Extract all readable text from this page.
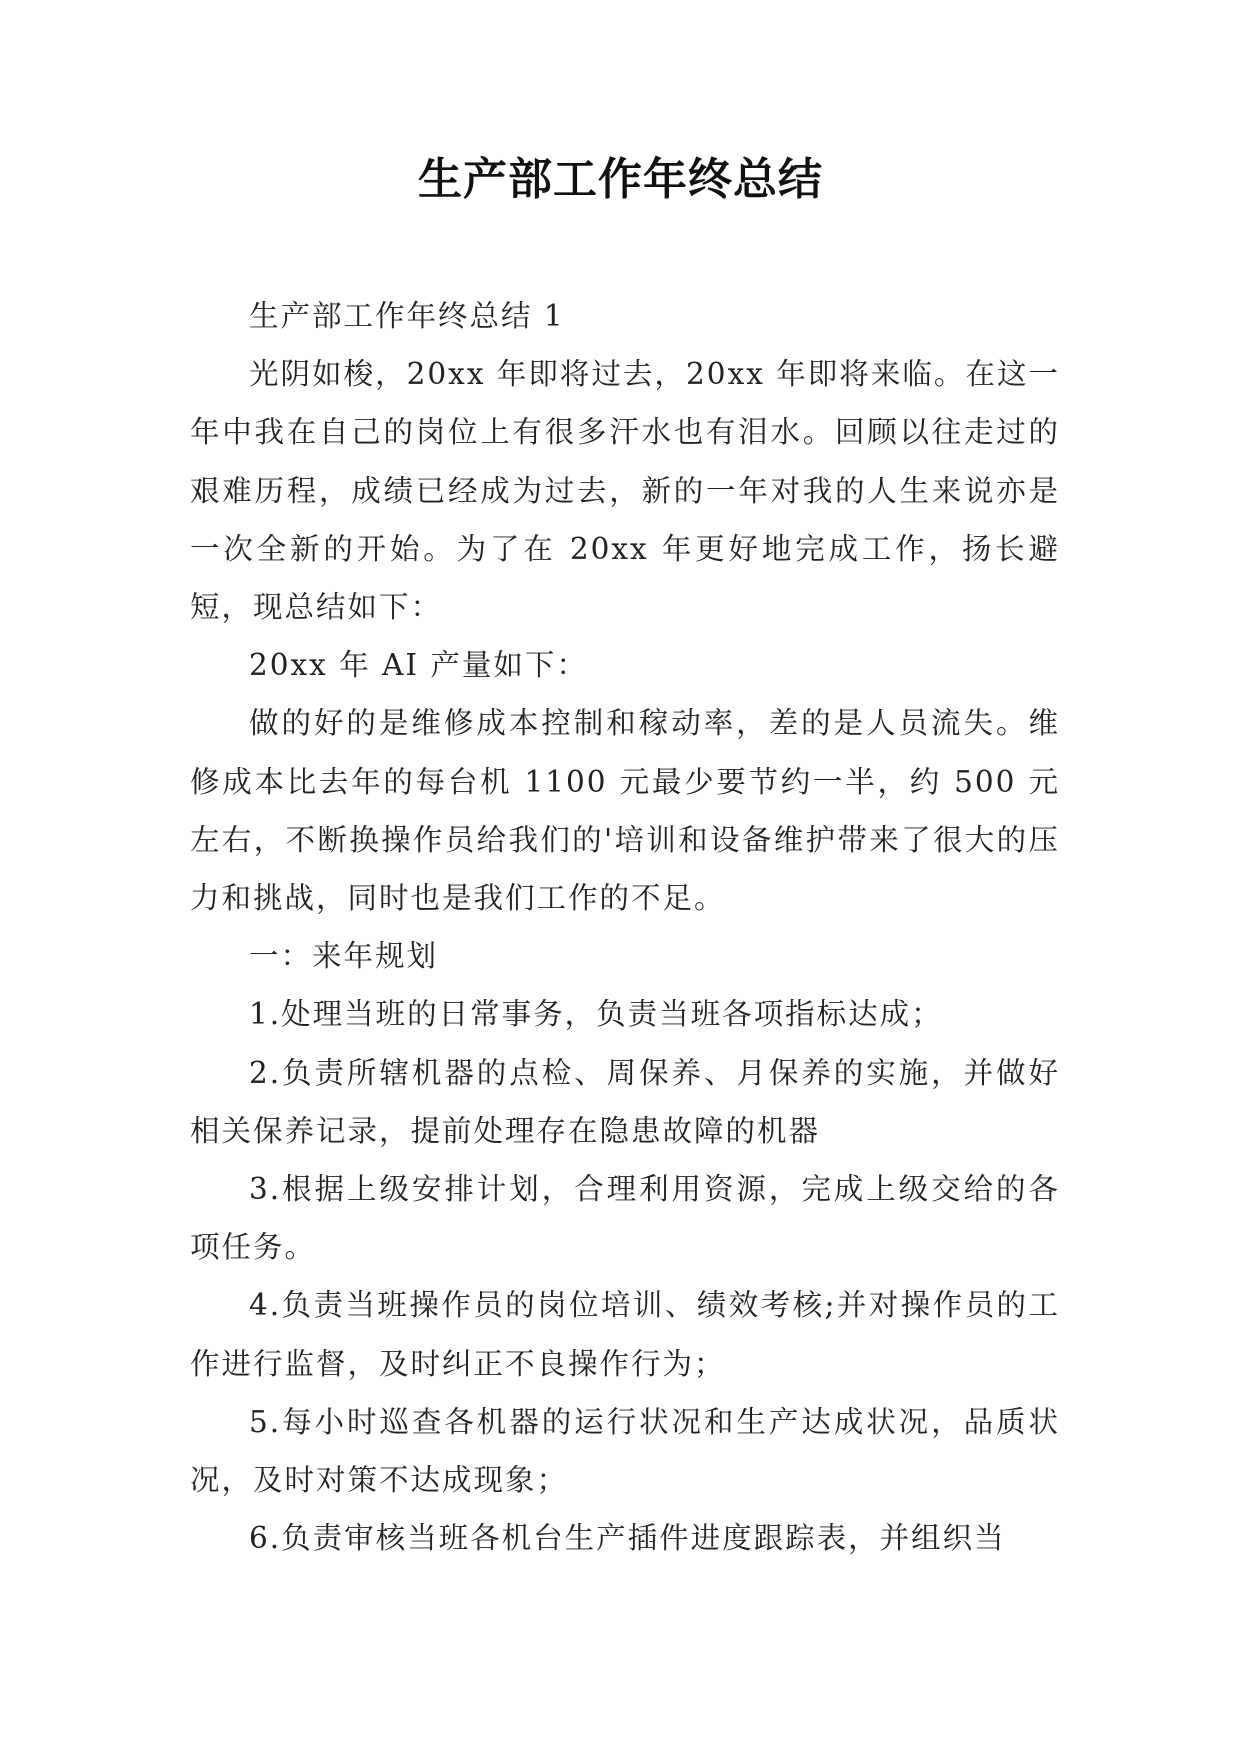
生产部工作年终总结

生产部工作年终总结 1

光阴如梭，20xx 年即将过去，20xx 年即将来临。在这一年中我在自己的岗位上有很多汗水也有泪水。回顾以往走过的艰难历程，成绩已经成为过去，新的一年对我的人生来说亦是一次全新的开始。为了在 20xx 年更好地完成工作，扬长避短，现总结如下：

20xx 年 AI 产量如下：

做的好的是维修成本控制和稼动率，差的是人员流失。维修成本比去年的每台机 1100 元最少要节约一半，约 500 元左右，不断换操作员给我们的'培训和设备维护带来了很大的压力和挑战，同时也是我们工作的不足。

一：来年规划

1.处理当班的日常事务，负责当班各项指标达成；

2.负责所辖机器的点检、周保养、月保养的实施，并做好相关保养记录，提前处理存在隐患故障的机器

3.根据上级安排计划，合理利用资源，完成上级交给的各项任务。

4.负责当班操作员的岗位培训、绩效考核;并对操作员的工作进行监督，及时纠正不良操作行为；

5.每小时巡查各机器的运行状况和生产达成状况，品质状况，及时对策不达成现象；

6.负责审核当班各机台生产插件进度跟踪表，并组织当
